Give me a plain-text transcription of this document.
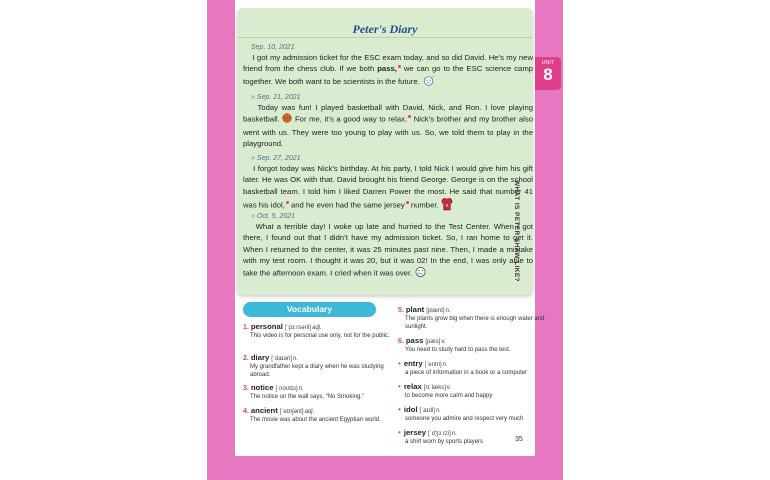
Peter's Diary
Sep. 10, 2021
I got my admission ticket for the ESC exam today, and so did David. He’s my new friend from the chess club. If we both pass, we can go to the ESC science camp together. We both want to be scientists in the future.
» Sep. 21, 2021
Today was fun! I played basketball with David, Nick, and Ron. I love playing basketball.  For me, it’s a good way to relax. Nick’s brother and my brother also went with us. They were too young to play with us. So, we told them to play in the playground.
» Sep. 27, 2021
I forgot today was Nick’s birthday. At his party, I told Nick I would give him his gift later. He was OK with that. David brought his friend George. George is on the school basketball team. I told him I liked Darren Power the most. He said that number 41 was his idol, and he even had the same jersey number.
» Oct. 5, 2021
What a terrible day! I woke up late and hurried to the Test Center. When I got there, I found out that I didn’t have my admission ticket. So, I ran home to get it. When I returned to the center, it was 25 minutes past nine. Then, I made a mistake with my test room. I thought it was 20, but it was 02! In the end, I was only able to take the afternoon exam. I cried when it was over.
UNIT
8
WHAT IS PETER SHAW LIKE?
Vocabulary
1. personal [ˈpɜːrsənl]adj.
This video is for personal use only, not for the public.
2. diary [ˈdaɪəri]n.
My grandfather kept a diary when he was studying abroad.
3. notice [ˈnoʊtɪs]n.
The notice on the wall says, “No Smoking.”
4. ancient [ˈeɪnʃənt]adj.
The movie was about the ancient Egyptian world.
5. plant [plænt]n.
The plants grow big when there is enough water and sunlight.
6. pass [pæs]v.
You need to study hard to pass the test.
• entry [ˈentri]n.
a piece of information in a book or a computer
• relax [rɪˈlæks]v.
to become more calm and happy
• idol [ˈaɪdl]n.
someone you admire and respect very much
• jersey [ˈdʒɜːrzi]n.
a shirt worn by sports players	35
